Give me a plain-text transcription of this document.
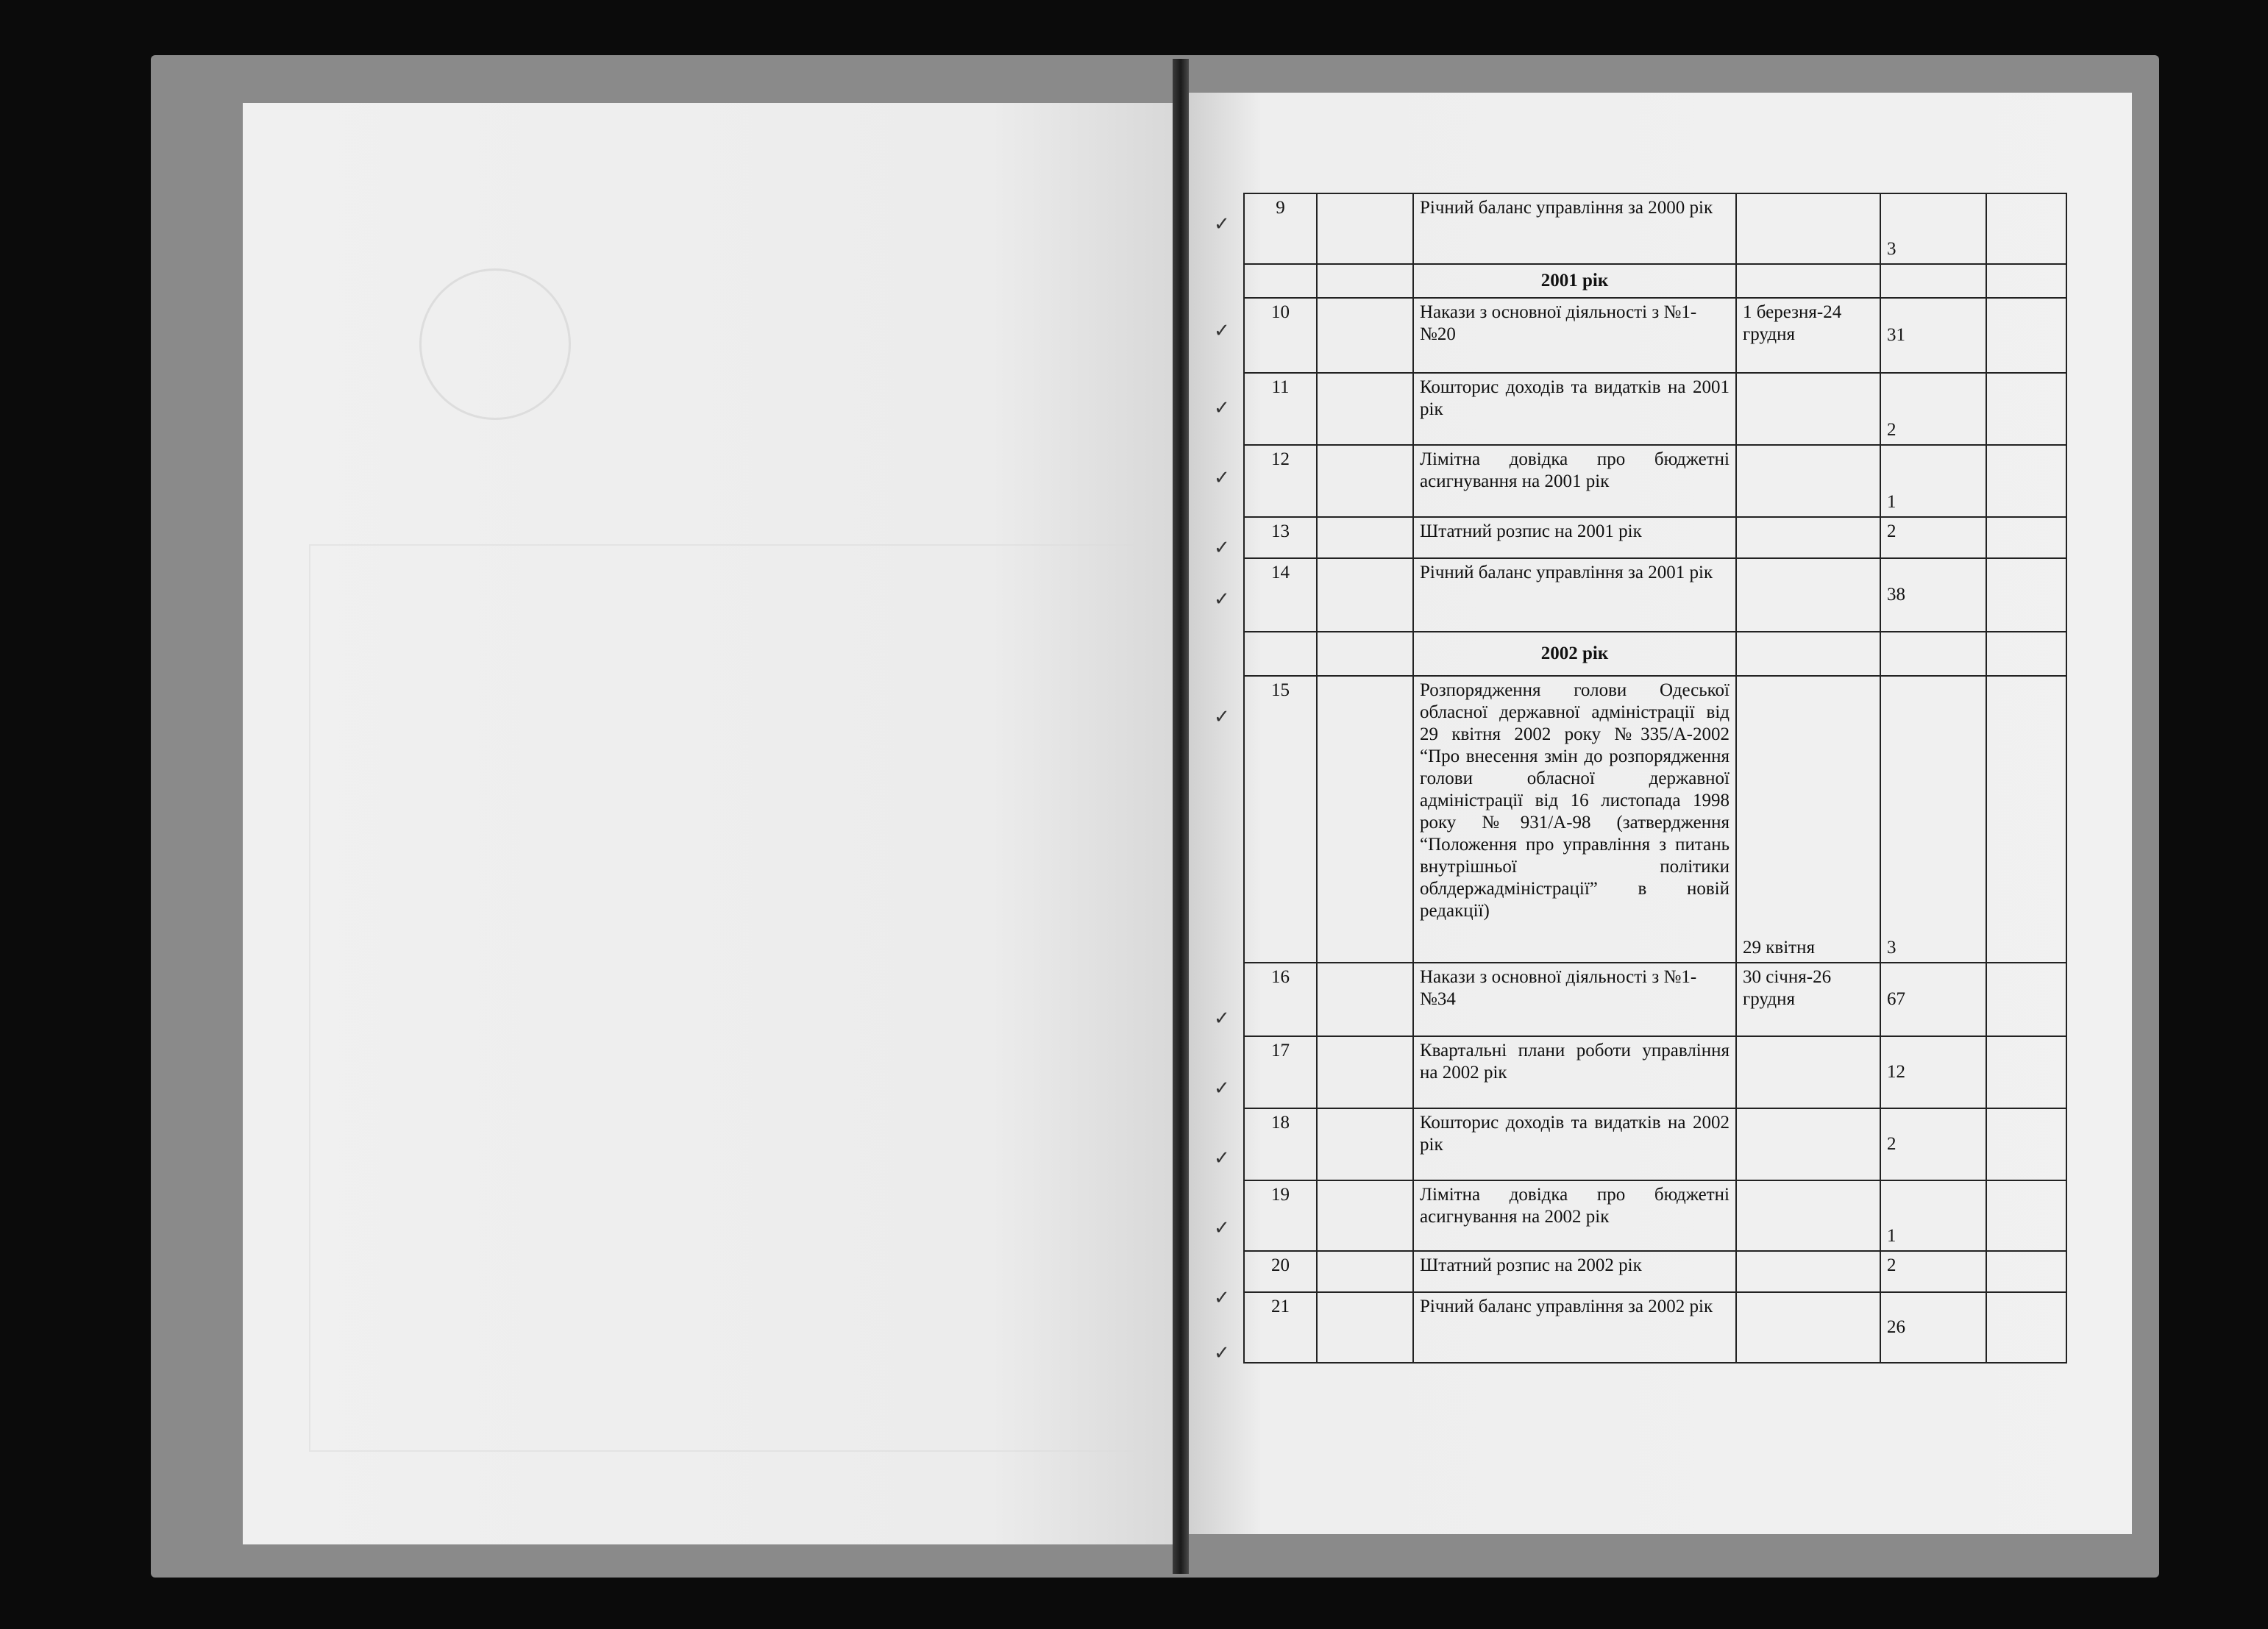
✓
✓
✓
✓
✓
✓
✓
✓
✓
✓
✓
✓
✓
9		Річний баланс управління за 2000 рік		3	
		2001 рік			
10		Накази з основної діяльності з №1- №20	1 березня-24 грудня	31	
11		Кошторис доходів та видатків на 2001 рік		2	
12		Лімітна довідка про бюджетні асигнування на 2001 рік		1	
13		Штатний розпис на 2001 рік		2	
14		Річний баланс управління за 2001 рік		38	
		2002 рік			
15		Розпорядження голови Одеської обласної державної адміністрації від 29 квітня 2002 року №335/А-2002 “Про внесення змін до розпорядження голови обласної державної адміністрації від 16 листопада 1998 року №931/А-98 (затвердження “Положення про управління з питань внутрішньої політики облдержадміністрації” в новій редакції)	29 квітня	3	
16		Накази з основної діяльності з №1-№34	30 січня-26 грудня	67	
17		Квартальні плани роботи управління на 2002 рік		12	
18		Кошторис доходів та видатків на 2002 рік		2	
19		Лімітна довідка про бюджетні асигнування на 2002 рік		1	
20		Штатний розпис на 2002 рік		2	
21		Річний баланс управління за 2002 рік		26	
